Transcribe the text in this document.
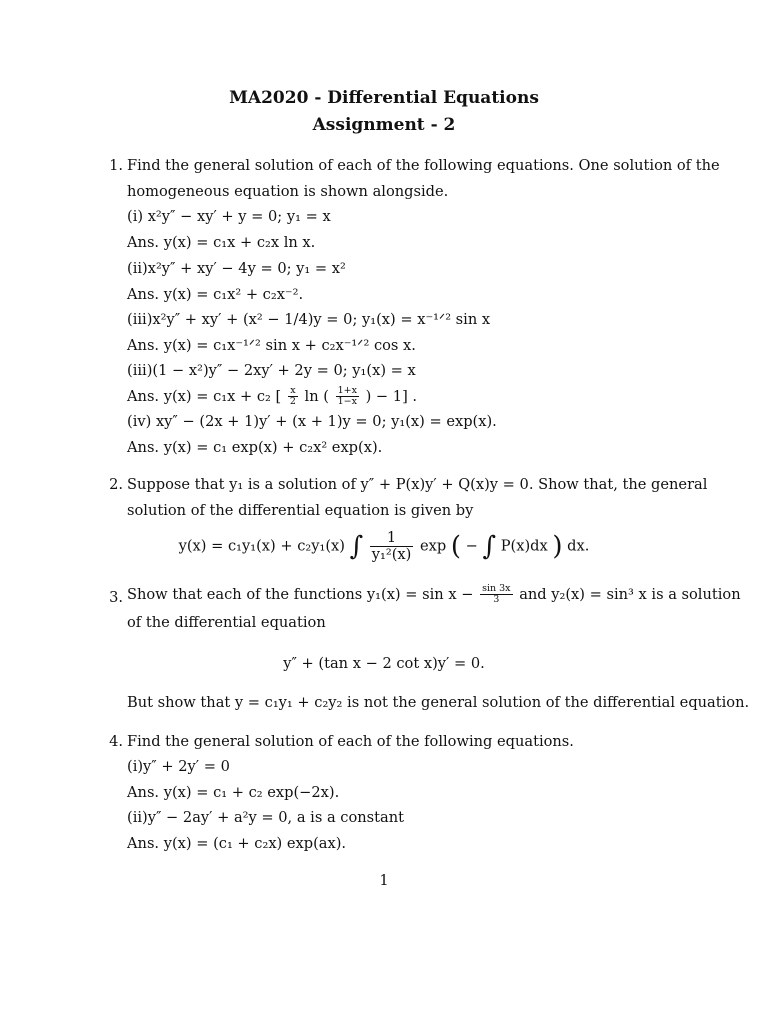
MA2020 - Differential Equations
Assignment - 2
1. Find the general solution of each of the following equations. One solution of the
homogeneous equation is shown alongside.
(i) x²y″ − xy′ + y = 0; y₁ = x
Ans. y(x) = c₁x + c₂x ln x.
(ii)x²y″ + xy′ − 4y = 0; y₁ = x²
Ans. y(x) = c₁x² + c₂x⁻².
(iii)x²y″ + xy′ + (x² − 1/4)y = 0; y₁(x) = x⁻¹ᐟ² sin x
Ans. y(x) = c₁x⁻¹ᐟ² sin x + c₂x⁻¹ᐟ² cos x.
(iii)(1 − x²)y″ − 2xy′ + 2y = 0; y₁(x) = x
Ans. y(x) = c₁x + c₂ [ $\frac{x}{2}$ ln ( $\frac{1+x}{1-x}$ ) − 1] .
(iv) xy″ − (2x + 1)y′ + (x + 1)y = 0; y₁(x) = exp(x).
Ans. y(x) = c₁ exp(x) + c₂x² exp(x).
2. Suppose that y₁ is a solution of y″ + P(x)y′ + Q(x)y = 0. Show that, the general
solution of the differential equation is given by
y(x) = c₁y₁(x) + c₂y₁(x) ∫ $\frac{1}{\text{y₁²(x)}}$ exp ( − ∫ P(x)dx ) dx.
3. Show that each of the functions $y_1(x) = \sin x - \frac{\sin 3x}{3}$ and y₂(x) = sin³ x is a solution
of the differential equation
y″ + (tan x − 2 cot x)y′ = 0.
But show that y = c₁y₁ + c₂y₂ is not the general solution of the differential equation.
4. Find the general solution of each of the following equations.
(i)y″ + 2y′ = 0
Ans. y(x) = c₁ + c₂ exp(−2x).
(ii)y″ − 2ay′ + a²y = 0, a is a constant
Ans. y(x) = (c₁ + c₂x) exp(ax).
1
